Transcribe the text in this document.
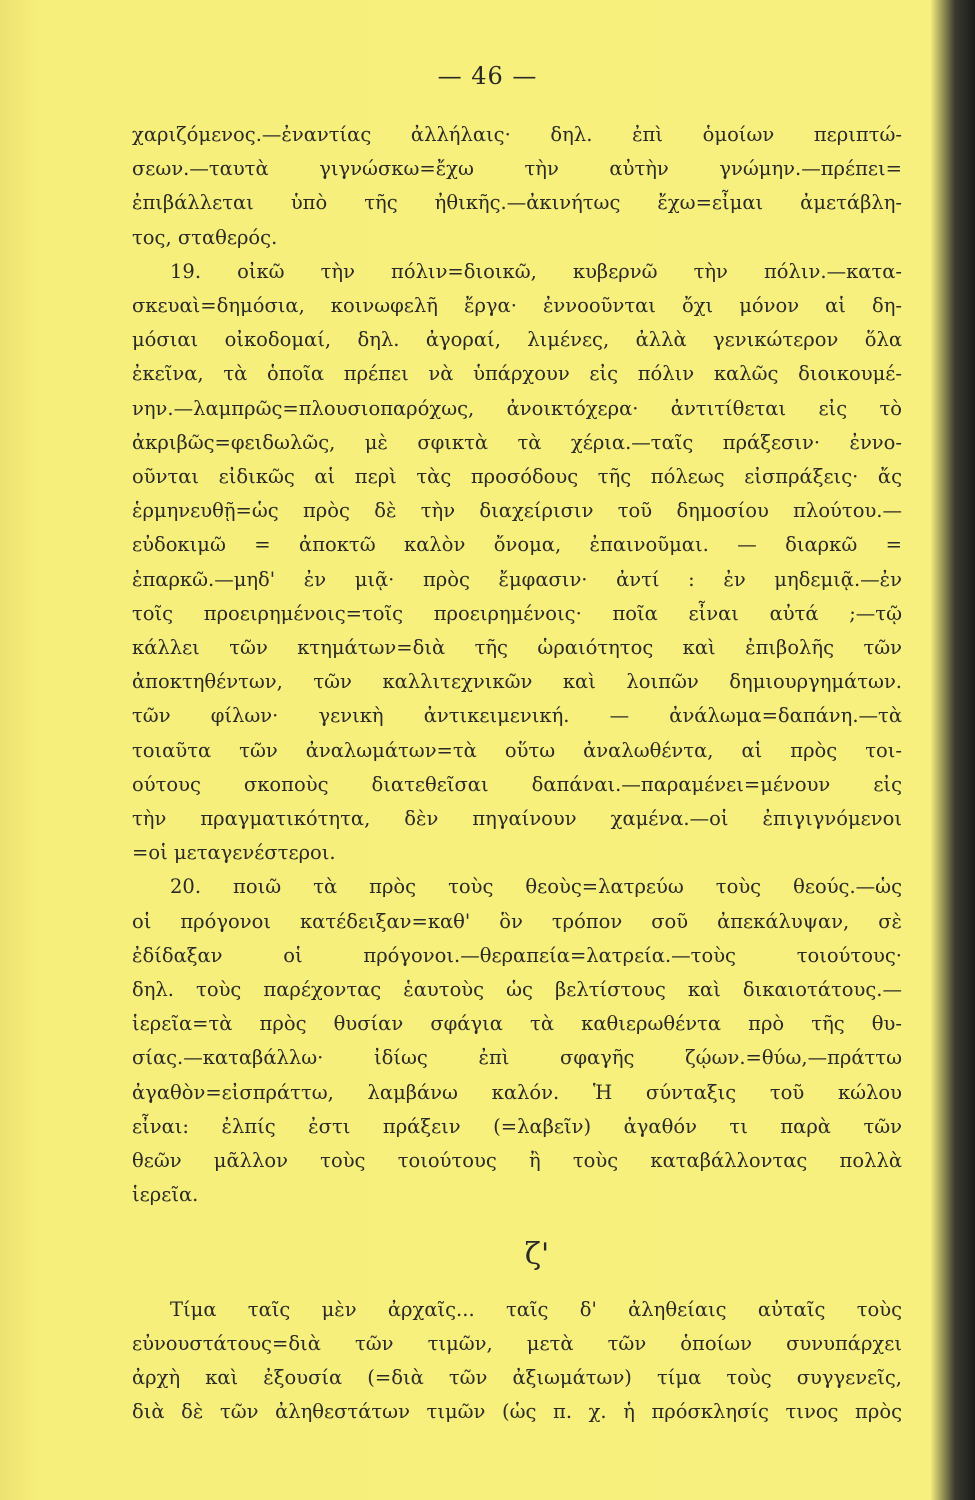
— 46 —
χαριζόμενος.—ἐναντίας ἀλλήλαις· δηλ. ἐπὶ ὁμοίων περιπτώ-
σεων.—ταυτὰ γιγνώσκω=ἔχω τὴν αὐτὴν γνώμην.—πρέπει=
ἐπιβάλλεται ὑπὸ τῆς ἠθικῆς.—ἀκινήτως ἔχω=εἶμαι ἀμετάβλη-
τος, σταθερός.
19. οἰκῶ τὴν πόλιν=διοικῶ, κυβερνῶ τὴν πόλιν.—κατα-
σκευαὶ=δημόσια, κοινωφελῆ ἔργα· ἐννοοῦνται ὄχι μόνον αἱ δη-
μόσιαι οἰκοδομαί, δηλ. ἀγοραί, λιμένες, ἀλλὰ γενικώτερον ὅλα
ἐκεῖνα, τὰ ὁποῖα πρέπει νὰ ὑπάρχουν εἰς πόλιν καλῶς διοικουμέ-
νην.—λαμπρῶς=πλουσιοπαρόχως, ἀνοικτόχερα· ἀντιτίθεται εἰς τὸ
ἀκριβῶς=φειδωλῶς, μὲ σφικτὰ τὰ χέρια.—ταῖς πράξεσιν· ἐννο-
οῦνται εἰδικῶς αἱ περὶ τὰς προσόδους τῆς πόλεως εἰσπράξεις· ἄς
ἑρμηνευθῇ=ὡς πρὸς δὲ τὴν διαχείρισιν τοῦ δημοσίου πλούτου.—
εὐδοκιμῶ = ἀποκτῶ καλὸν ὄνομα, ἐπαινοῦμαι. — διαρκῶ =
ἐπαρκῶ.—μηδ' ἐν μιᾷ· πρὸς ἔμφασιν· ἀντί : ἐν μηδεμιᾷ.—ἐν
τοῖς προειρημένοις=τοῖς προειρημένοις· ποῖα εἶναι αὐτά ;—τῷ
κάλλει τῶν κτημάτων=διὰ τῆς ὡραιότητος καὶ ἐπιβολῆς τῶν
ἀποκτηθέντων, τῶν καλλιτεχνικῶν καὶ λοιπῶν δημιουργημάτων.
τῶν φίλων· γενικὴ ἀντικειμενική. — ἀνάλωμα=δαπάνη.—τὰ
τοιαῦτα τῶν ἀναλωμάτων=τὰ οὕτω ἀναλωθέντα, αἱ πρὸς τοι-
ούτους σκοποὺς διατεθεῖσαι δαπάναι.—παραμένει=μένουν εἰς
τὴν πραγματικότητα, δὲν πηγαίνουν χαμένα.—οἱ ἐπιγιγνόμενοι
=οἱ μεταγενέστεροι.
20. ποιῶ τὰ πρὸς τοὺς θεοὺς=λατρεύω τοὺς θεούς.—ὡς
οἱ πρόγονοι κατέδειξαν=καθ' ὃν τρόπον σοῦ ἀπεκάλυψαν, σὲ
ἐδίδαξαν οἱ πρόγονοι.—θεραπεία=λατρεία.—τοὺς τοιούτους·
δηλ. τοὺς παρέχοντας ἑαυτοὺς ὡς βελτίστους καὶ δικαιοτάτους.—
ἱερεῖα=τὰ πρὸς θυσίαν σφάγια τὰ καθιερωθέντα πρὸ τῆς θυ-
σίας.—καταβάλλω· ἰδίως ἐπὶ σφαγῆς ζῴων.=θύω,—πράττω
ἀγαθὸν=εἰσπράττω, λαμβάνω καλόν. Ἡ σύνταξις τοῦ κώλου
εἶναι: ἐλπίς ἐστι πράξειν (=λαβεῖν) ἀγαθόν τι παρὰ τῶν
θεῶν μᾶλλον τοὺς τοιούτους ἢ τοὺς καταβάλλοντας πολλὰ
ἱερεῖα.
ζ'
Τίμα ταῖς μὲν ἀρχαῖς... ταῖς δ' ἀληθείαις αὐταῖς τοὺς
εὐνουστάτους=διὰ τῶν τιμῶν, μετὰ τῶν ὁποίων συνυπάρχει
ἀρχὴ καὶ ἐξουσία (=διὰ τῶν ἀξιωμάτων) τίμα τοὺς συγγενεῖς,
διὰ δὲ τῶν ἀληθεστάτων τιμῶν (ὡς π. χ. ἡ πρόσκλησίς τινος πρὸς
